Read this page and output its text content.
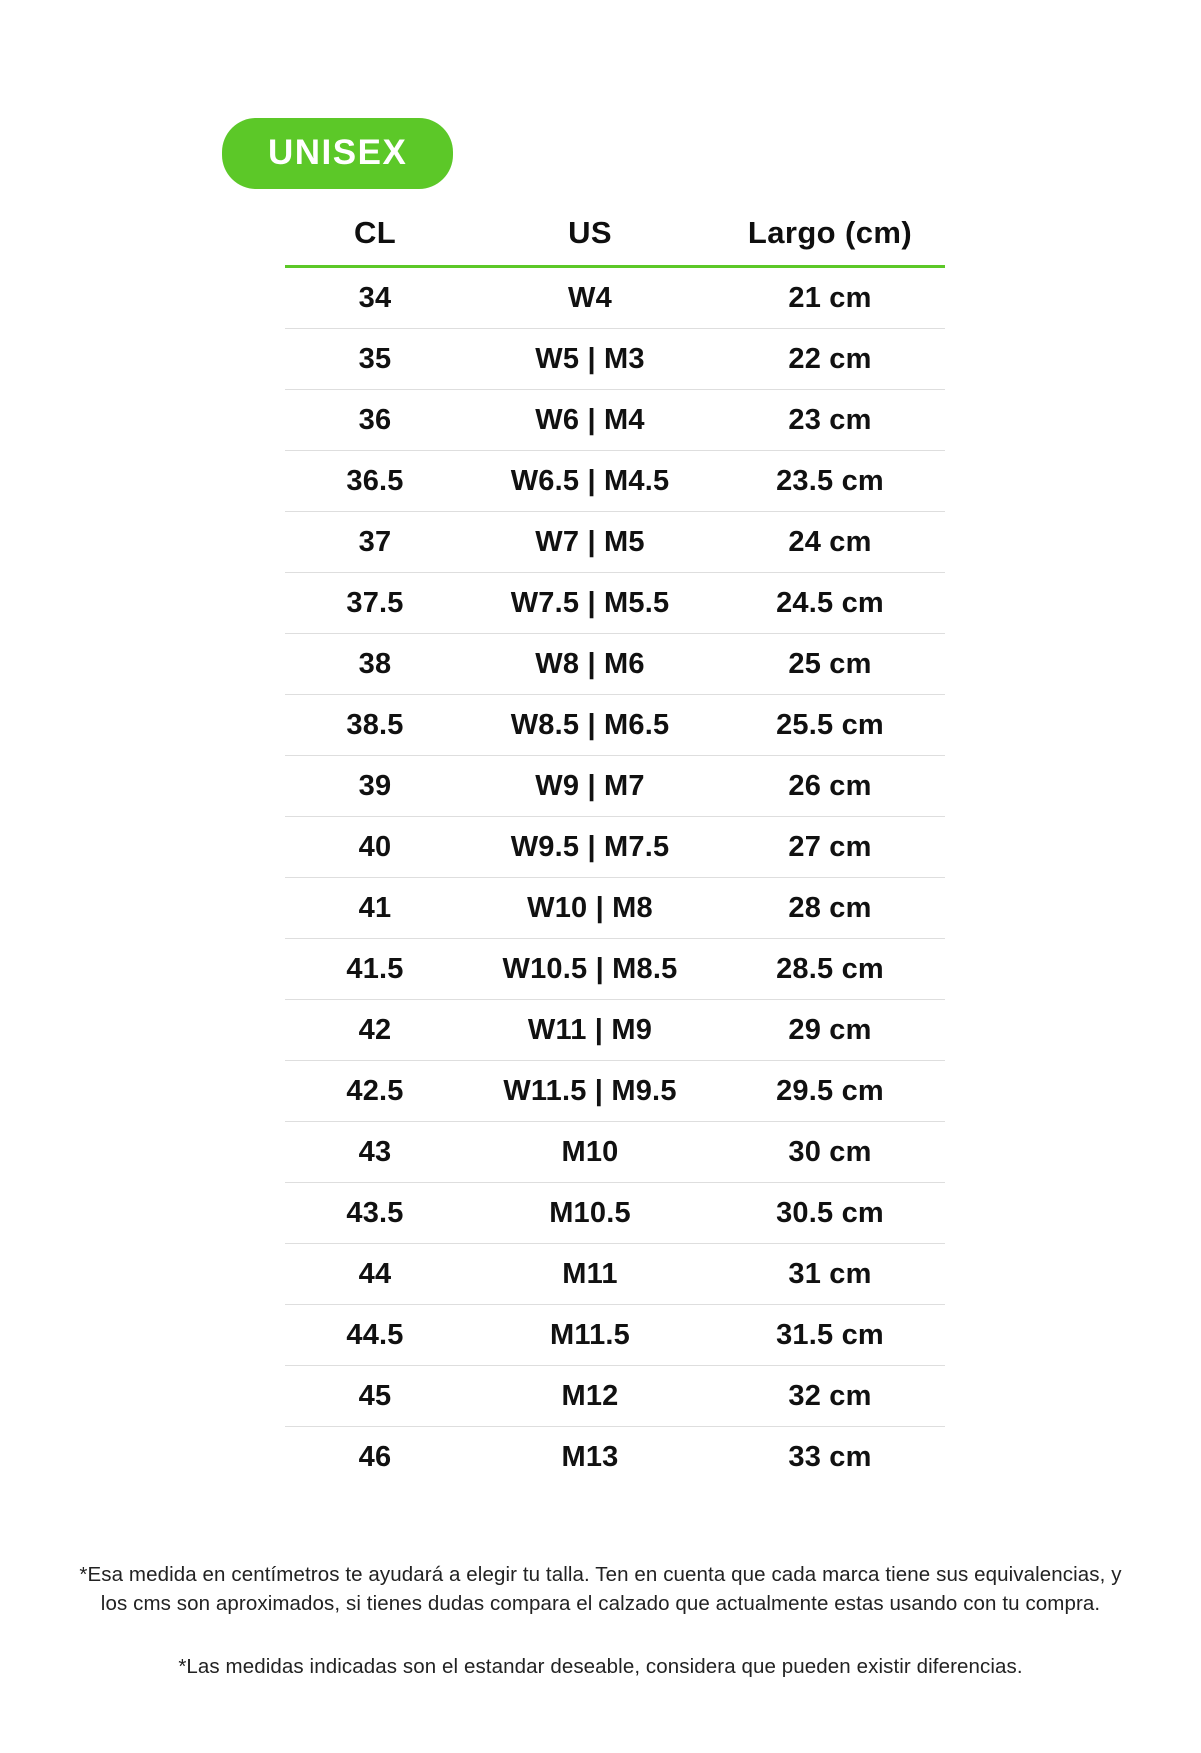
UNISEX
CL	US	Largo (cm)
34	W4	21 cm
35	W5 | M3	22 cm
36	W6 | M4	23 cm
36.5	W6.5 | M4.5	23.5 cm
37	W7 | M5	24 cm
37.5	W7.5 | M5.5	24.5 cm
38	W8 | M6	25 cm
38.5	W8.5 | M6.5	25.5 cm
39	W9 | M7	26 cm
40	W9.5 | M7.5	27 cm
41	W10 | M8	28 cm
41.5	W10.5 | M8.5	28.5 cm
42	W11 | M9	29 cm
42.5	W11.5 | M9.5	29.5 cm
43	M10	30 cm
43.5	M10.5	30.5 cm
44	M11	31 cm
44.5	M11.5	31.5 cm
45	M12	32 cm
46	M13	33 cm

*Esa medida en centímetros te ayudará a elegir tu talla. Ten en cuenta que cada marca tiene sus equivalencias, y los cms son aproximados, si tienes dudas compara el calzado que actualmente estas usando con tu compra.

*Las medidas indicadas son el estandar deseable, considera que pueden existir diferencias.
